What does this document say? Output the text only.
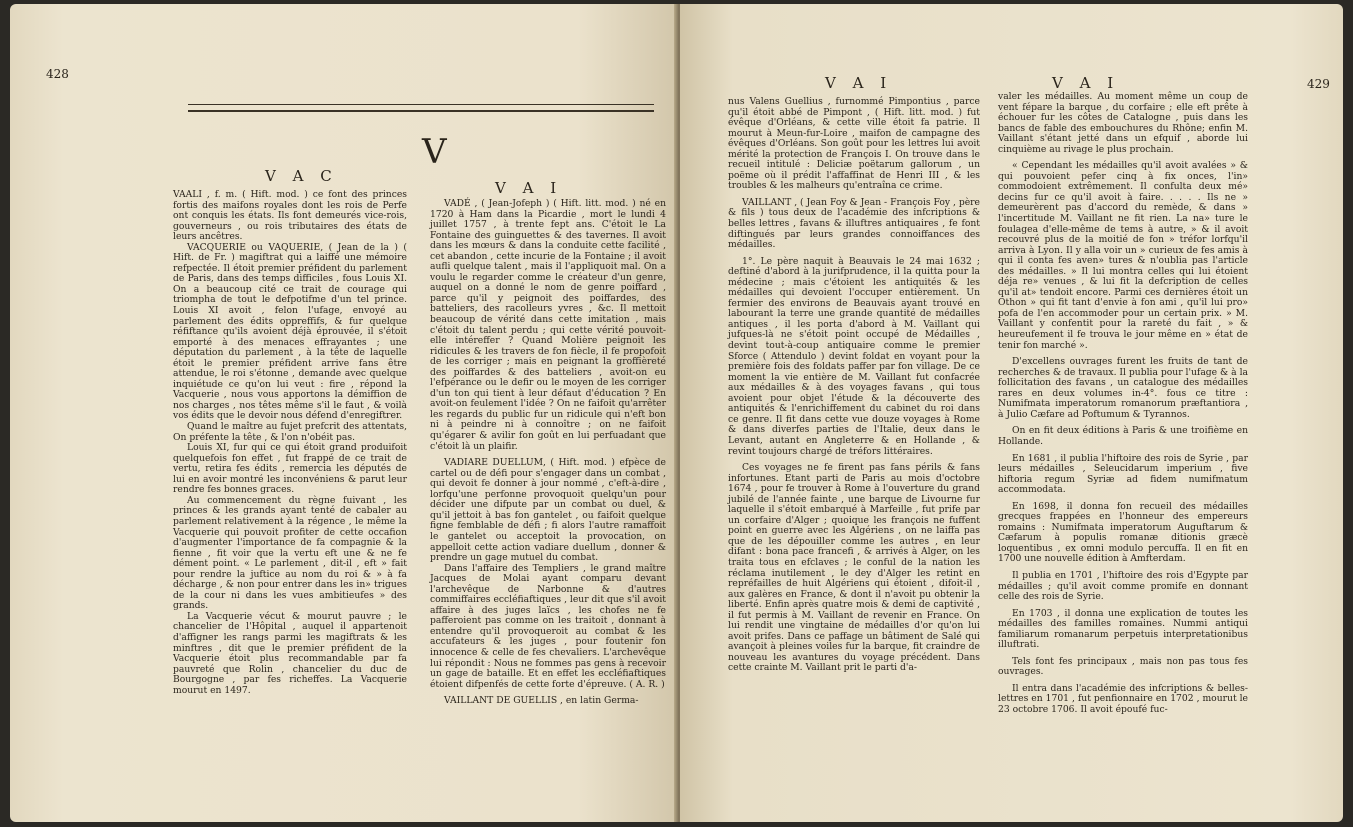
428
V
V A C
V A I

VAALI , f. m. ( Hift. mod. ) ce font des princes fortis des maifons royales dont les rois de Perfe ont conquis les états. Ils font demeurés vice-rois, gouverneurs , ou rois tributaires des états de leurs ancêtres.

VACQUERIE ou VAQUERIE, ( Jean de la ) ( Hift. de Fr. ) magiftrat qui a laiffé une mémoire refpectée. Il étoit premier préfident du parlement de Paris, dans des temps difficiles , fous Louis XI. On a beaucoup cité ce trait de courage qui triompha de tout le defpotifme d'un tel prince. Louis XI avoit , felon l'ufage, envoyé au parlement des édits oppreffifs, & fur quelque réfiftance qu'ils avoient déjà éprouvée, il s'étoit emporté à des menaces effrayantes ; une députation du parlement , à la tête de laquelle étoit le premier préfident arrive fans être attendue, le roi s'étonne , demande avec quelque inquiétude ce qu'on lui veut : fire , répond la Vacquerie , nous vous apportons la démiffion de nos charges , nos têtes même s'il le faut , & voilà vos édits que le devoir nous défend d'enregiftrer.

Quand le maître au fujet prefcrit des attentats, On préfente la tête , & l'on n'obéit pas.

Louis XI, fur qui ce qui étoit grand produifoit quelquefois fon effet , fut frappé de ce trait de vertu, retira fes édits , remercia les députés de lui en avoir montré les inconvéniens & parut leur rendre fes bonnes graces.

Au commencement du règne fuivant , les princes & les grands ayant tenté de cabaler au parlement relativement à la régence , le même la Vacquerie qui pouvoit profiter de cette occafion d'augmenter l'importance de fa compagnie & la fienne , fit voir que la vertu eft une & ne fe dément point. « Le parlement , dit-il , eft » fait pour rendre la juftice au nom du roi & » à fa décharge , & non pour entrer dans les in» trigues de la cour ni dans les vues ambitieufes » des grands.

La Vacquerie vécut & mourut pauvre ; le chancelier de l'Hôpital , auquel il appartenoit d'affigner les rangs parmi les magiftrats & les minftres , dit que le premier préfident de la Vacquerie étoit plus recommandable par fa pauvreté que Rolin , chancelier du duc de Bourgogne , par fes richeffes. La Vacquerie mourut en 1497.

VADÉ , ( Jean-Jofeph ) ( Hift. litt. mod. ) né en 1720 à Ham dans la Picardie , mort le lundi 4 juillet 1757 , à trente fept ans. C'étoit le La Fontaine des guinguettes & des tavernes. Il avoit dans les mœurs & dans la conduite cette facilité , cet abandon , cette incurie de la Fontaine ; il avoit aufli quelque talent , mais il l'appliquoit mal. On a voulu le regarder comme le créateur d'un genre, auquel on a donné le nom de genre poiffard , parce qu'il y peignoit des poiffardes, des batteliers, des racolleurs yvres , &c. Il mettoit beaucoup de vérité dans cette imitation , mais c'étoit du talent perdu ; qui cette vérité pouvoit-elle intéreffer ? Quand Molière peignoit les ridicules & les travers de fon fiècle, il fe propofoit de les corriger ; mais en peignant la groffièreté des poiffardes & des batteliers , avoit-on eu l'efpérance ou le defir ou le moyen de les corriger d'un ton qui tient à leur défaut d'éducation ? En avoit-on feulement l'idée ? On ne faifoit qu'arrêter les regards du public fur un ridicule qui n'eft bon ni à peindre ni à connoître ; on ne faifoit qu'égarer & avilir fon goût en lui perfuadant que c'étoit là un plaifir.

VADIARE DUELLUM, ( Hift. mod. ) efpèce de cartel ou de défi pour s'engager dans un combat , qui devoit fe donner à jour nommé , c'eft-à-dire , lorfqu'une perfonne provoquoit quelqu'un pour décider une difpute par un combat ou duel, & qu'il jettoit à bas fon gantelet , ou faifoit quelque figne femblable de défi ; fi alors l'autre ramaffoit le gantelet ou acceptoit la provocation, on appelloit cette action vadiare duellum , donner & prendre un gage mutuel du combat.

Dans l'affaire des Templiers , le grand maître Jacques de Molai ayant comparu devant l'archevêque de Narbonne & d'autres commiffaires eccléfiaftiques , leur dit que s'il avoit affaire à des juges laïcs , les chofes ne fe pafferoient pas comme on les traitoit , donnant à entendre qu'il provoqueroit au combat & les accufateurs & les juges , pour foutenir fon innocence & celle de fes chevaliers. L'archevêque lui répondit : Nous ne fommes pas gens à recevoir un gage de bataille. Et en effet les eccléfiaftiques étoient difpenfés de cette forte d'épreuve. ( A. R. )

VAILLANT DE GUELLIS , en latin Germa-

429
V A I	V A I

nus Valens Guellius , furnommé Pimpontius , parce qu'il étoit abbé de Pimpont , ( Hift. litt. mod. ) fut évêque d'Orléans, & cette ville étoit fa patrie. Il mourut à Meun-fur-Loire , maifon de campagne des évêques d'Orléans. Son goût pour les lettres lui avoit mérité la protection de François I. On trouve dans le recueil intitulé : Deliciæ poëtarum gallorum , un poëme où il prédit l'affaffinat de Henri III , & les troubles & les malheurs qu'entraîna ce crime.

VAILLANT , ( Jean Foy & Jean - François Foy , père & fils ) tous deux de l'académie des infcriptions & belles lettres , favans & illuftres antiquaires , fe font diftingués par leurs grandes connoiffances des médailles.

1°. Le père naquit à Beauvais le 24 mai 1632 ; deftiné d'abord à la jurifprudence, il la quitta pour la médecine ; mais c'étoient les antiquités & les médailles qui devoient l'occuper entièrement. Un fermier des environs de Beauvais ayant trouvé en labourant la terre une grande quantité de médailles antiques , il les porta d'abord à M. Vaillant qui jufques-là ne s'étoit point occupé de Médailles , devint tout-à-coup antiquaire comme le premier Sforce ( Attendulo ) devint foldat en voyant pour la première fois des foldats paffer par fon village. De ce moment la vie entière de M. Vaillant fut confacrée aux médailles & à des voyages favans , qui tous avoient pour objet l'étude & la découverte des antiquités & l'enrichiffement du cabinet du roi dans ce genre. Il fit dans cette vue douze voyages à Rome & dans diverfes parties de l'Italie, deux dans le Levant, autant en Angleterre & en Hollande , & revint toujours chargé de tréfors littéraires.

Ces voyages ne fe firent pas fans périls & fans infortunes. Etant parti de Paris au mois d'octobre 1674 , pour fe trouver à Rome à l'ouverture du grand jubilé de l'année fainte , une barque de Livourne fur laquelle il s'étoit embarqué à Marfeille , fut prife par un corfaire d'Alger ; quoique les françois ne fuffent point en guerre avec les Algériens , on ne laiffa pas que de les dépouiller comme les autres , en leur difant : bona pace francefi , & arrivés à Alger, on les traita tous en efclaves ; le conful de la nation les réclama inutilement , le dey d'Alger les retint en repréfailles de huit Algériens qui étoient , difoit-il , aux galères en France, & dont il n'avoit pu obtenir la liberté. Enfin après quatre mois & demi de captivité , il fut permis à M. Vaillant de revenir en France. On lui rendit une vingtaine de médailles d'or qu'on lui avoit prifes. Dans ce paffage un bâtiment de Salé qui avançoit à pleines voiles fur la barque, fit craindre de nouveau les avantures du voyage précédent. Dans cette crainte M. Vaillant prit le parti d'a-

valer les médailles. Au moment même un coup de vent fépare la barque , du corfaire ; elle eft prête à échouer fur les côtes de Catalogne , puis dans les bancs de fable des embouchures du Rhône; enfin M. Vaillant s'étant jetté dans un efquif , aborde lui cinquième au rivage le plus prochain.

« Cependant les médailles qu'il avoit avalées » & qui pouvoient pefer cinq à fix onces, l'in» commodoient extrêmement. Il confulta deux mé» decins fur ce qu'il avoit à faire. . . . . Ils ne » demeurèrent pas d'accord du remède, & dans » l'incertitude M. Vaillant ne fit rien. La na» ture le foulagea d'elle-même de tems à autre, » & il avoit recouvré plus de la moitié de fon » tréfor lorfqu'il arriva à Lyon. Il y alla voir un » curieux de fes amis à qui il conta fes aven» tures & n'oublia pas l'article des médailles. » Il lui montra celles qui lui étoient déja re» venues , & lui fit la defcription de celles qu'il at» tendoit encore. Parmi ces dernières étoit un Othon » qui fit tant d'envie à fon ami , qu'il lui pro» pofa de l'en accommoder pour un certain prix. » M. Vaillant y confentit pour la rareté du fait , » & heureufement il fe trouva le jour même en » état de tenir fon marché ».

D'excellens ouvrages furent les fruits de tant de recherches & de travaux. Il publia pour l'ufage & à la follicitation des favans , un catalogue des médailles rares en deux volumes in-4°. fous ce titre : Numifmata imperatorum romanorum præftantiora , à Julio Cæfare ad Poftumum & Tyrannos.

On en fit deux éditions à Paris & une troifième en Hollande.

En 1681 , il publia l'hiftoire des rois de Syrie , par leurs médailles , Seleucidarum imperium , five hiftoria regum Syriæ ad fidem numifmatum accommodata.

En 1698, il donna fon recueil des médailles grecques frappées en l'honneur des empereurs romains : Numifmata imperatorum Auguftarum & Cæfarum à populis romanæ ditionis græcè loquentibus , ex omni modulo percuffa. Il en fit en 1700 une nouvelle édition à Amfterdam.

Il publia en 1701 , l'hiftoire des rois d'Egypte par médailles ; qu'il avoit comme promife en donnant celle des rois de Syrie.

En 1703 , il donna une explication de toutes les médailles des familles romaines. Nummi antiqui familiarum romanarum perpetuis interpretationibus illuftrati.

Tels font fes principaux , mais non pas tous fes ouvrages.

Il entra dans l'académie des infcriptions & belles-lettres en 1701 , fut penfionnaire en 1702 , mourut le 23 octobre 1706. Il avoit époufé fuc-
